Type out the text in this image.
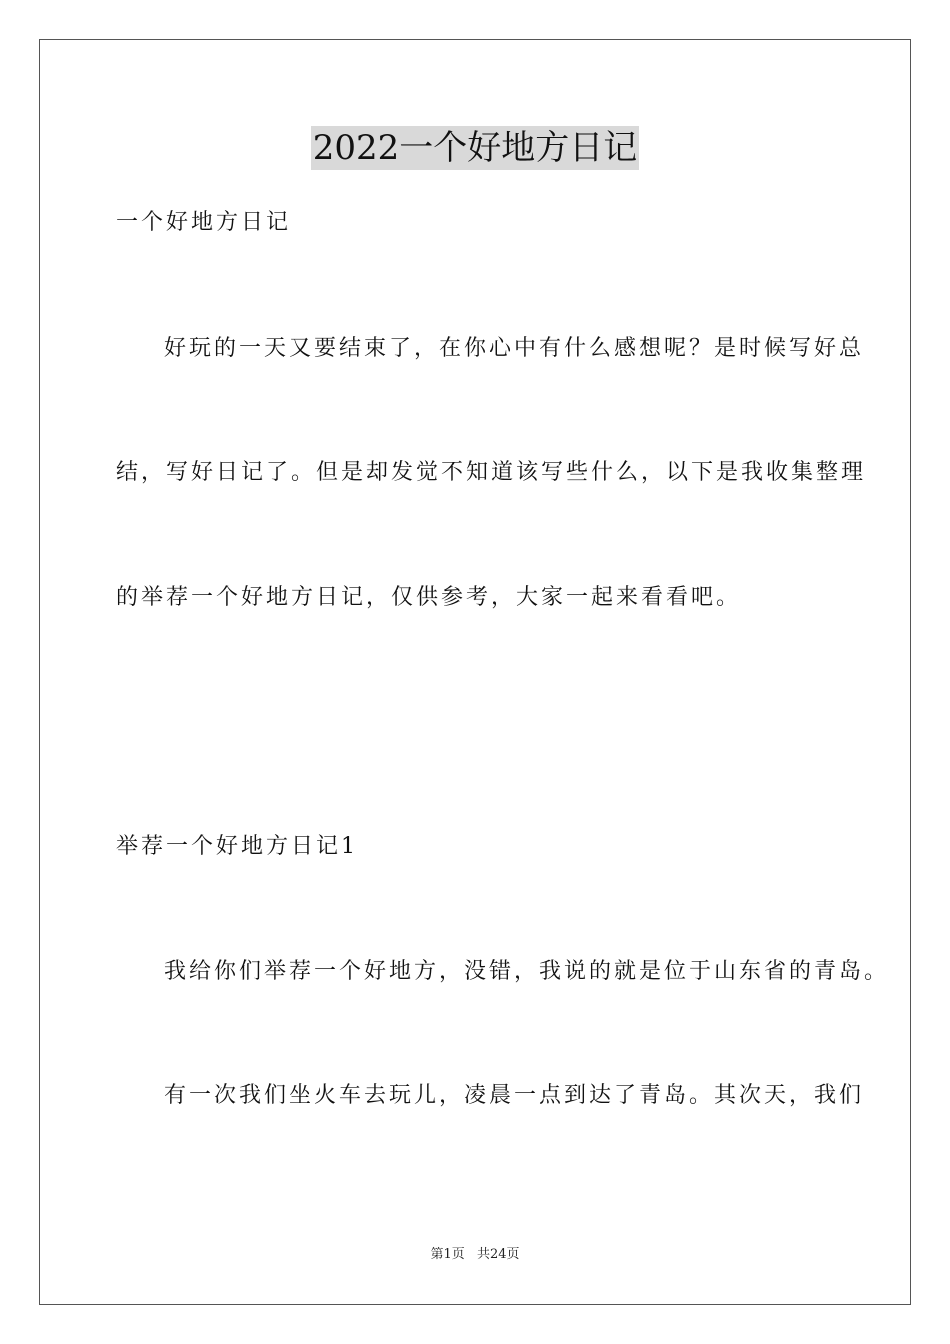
2022一个好地方日记
一个好地方日记
好玩的一天又要结束了，在你心中有什么感想呢？是时候写好总
结，写好日记了。但是却发觉不知道该写些什么，以下是我收集整理
的举荐一个好地方日记，仅供参考，大家一起来看看吧。
举荐一个好地方日记1
我给你们举荐一个好地方，没错，我说的就是位于山东省的青岛。
有一次我们坐火车去玩儿，凌晨一点到达了青岛。其次天，我们
第1页 共24页
